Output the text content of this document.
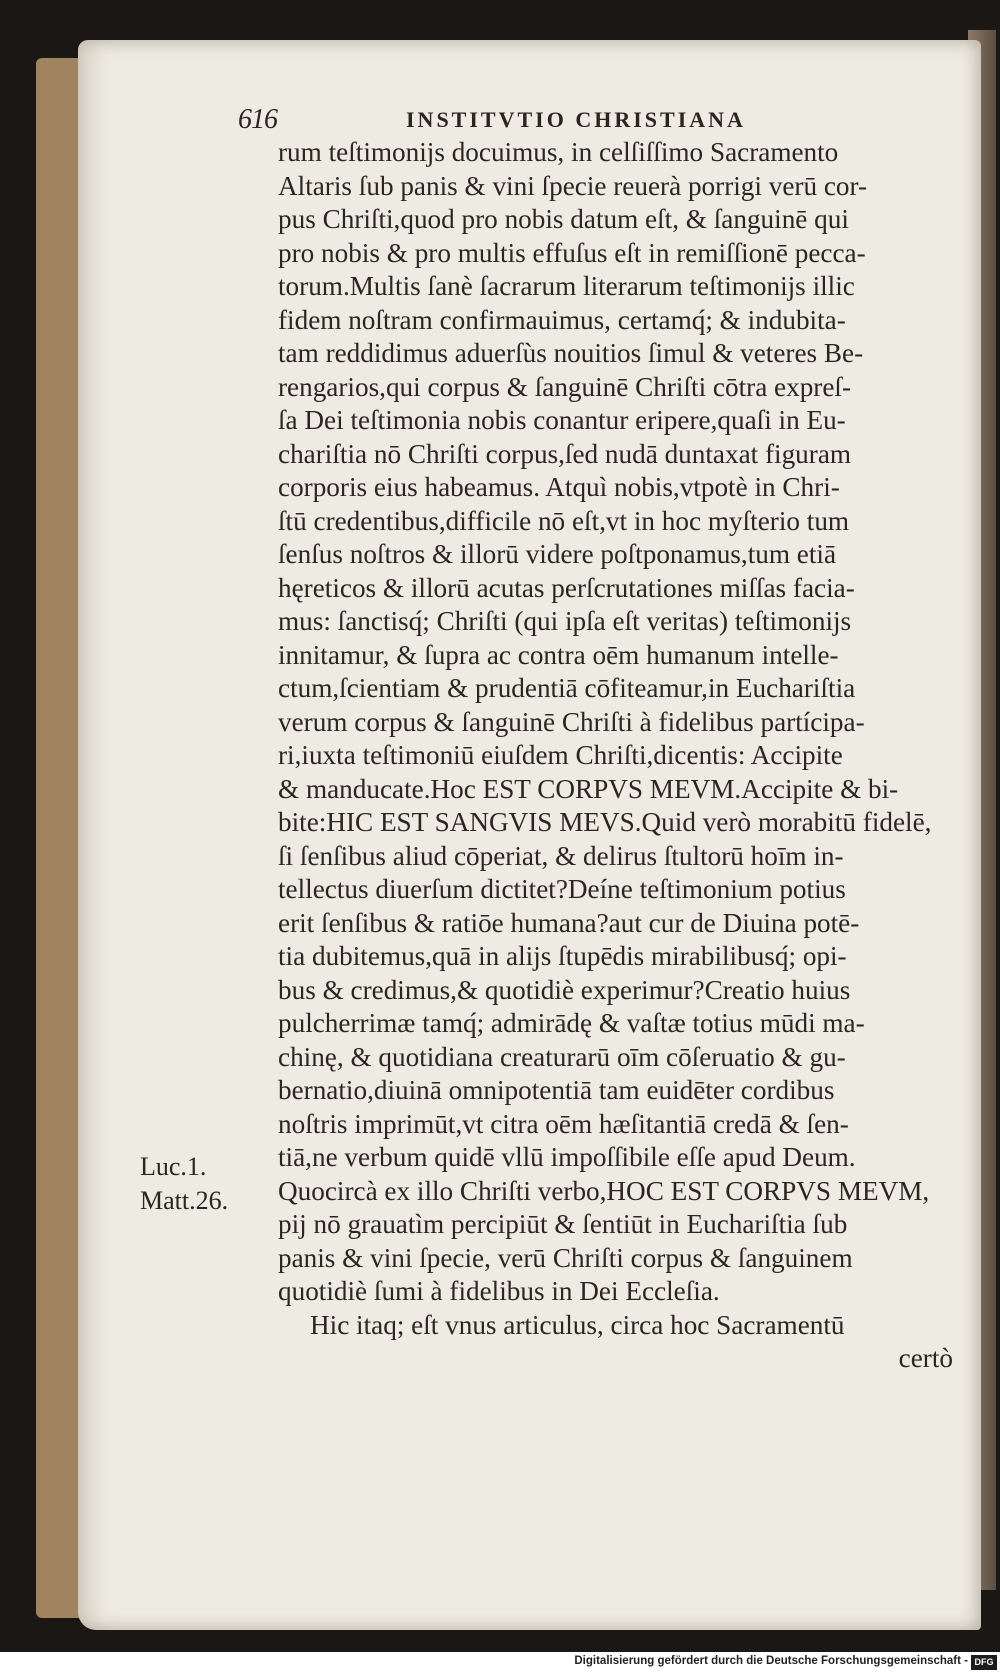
616	INSTITVTIO CHRISTIANA
rum teſtimonijs docuimus, in celſiſſimo Sacramento
Altaris ſub panis & vini ſpecie reuerà porrigi verū cor-
pus Chriſti,quod pro nobis datum eſt, & ſanguinē qui
pro nobis & pro multis effuſus eſt in remiſſionē pecca-
torum.Multis ſanè ſacrarum literarum teſtimonijs illic
fidem noſtram confirmauimus, certamq́; & indubita-
tam reddidimus aduerſùs nouitios ſimul & veteres Be-
rengarios,qui corpus & ſanguinē Chriſti cōtra expreſ-
ſa Dei teſtimonia nobis conantur eripere,quaſi in Eu-
chariſtia nō Chriſti corpus,ſed nudā duntaxat figuram
corporis eius habeamus. Atquì nobis,vtpotè in Chri-
ſtū credentibus,difficile nō eſt,vt in hoc myſterio tum
ſenſus noſtros & illorū videre poſtponamus,tum etiā
hęreticos & illorū acutas perſcrutationes miſſas facia-
mus: ſanctisq́; Chriſti (qui ipſa eſt veritas) teſtimonijs
innitamur, & ſupra ac contra oēm humanum intelle-
ctum,ſcientiam & prudentiā cōfiteamur,in Euchariſtia
verum corpus & ſanguinē Chriſti à fidelibus partícipa-
ri,iuxta teſtimoniū eiuſdem Chriſti,dicentis: Accipite
& manducate.Hoc EST CORPVS MEVM.Accipite & bi-
bite:HIC EST SANGVIS MEVS.Quid verò morabitū fidelē,
ſi ſenſibus aliud cōperiat, & delirus ſtultorū hoīm in-
tellectus diuerſum dictitet?Deíne teſtimonium potius
erit ſenſibus & ratiōe humana?aut cur de Diuina potē-
tia dubitemus,quā in alijs ſtupēdis mirabilibusq́; opi-
bus & credimus,& quotidiè experimur?Creatio huius
pulcherrimæ tamq́; admirādę & vaſtæ totius mūdi ma-
chinę, & quotidiana creaturarū oīm cōſeruatio & gu-
bernatio,diuinā omnipotentiā tam euidēter cordibus
noſtris imprimūt,vt citra oēm hæſitantiā credā & ſen-
tiā,ne verbum quidē vllū impoſſibile eſſe apud Deum.
Quocircà ex illo Chriſti verbo,HOC EST CORPVS MEVM,
pij nō grauatìm percipiūt & ſentiūt in Euchariſtia ſub
panis & vini ſpecie, verū Chriſti corpus & ſanguinem
quotidiè ſumi à fidelibus in Dei Eccleſia.
Hic itaq; eſt vnus articulus, circa hoc Sacramentū
certò
Luc.1.
Matt.26.
Digitalisierung gefördert durch die Deutsche Forschungsgemeinschaft - DFG
